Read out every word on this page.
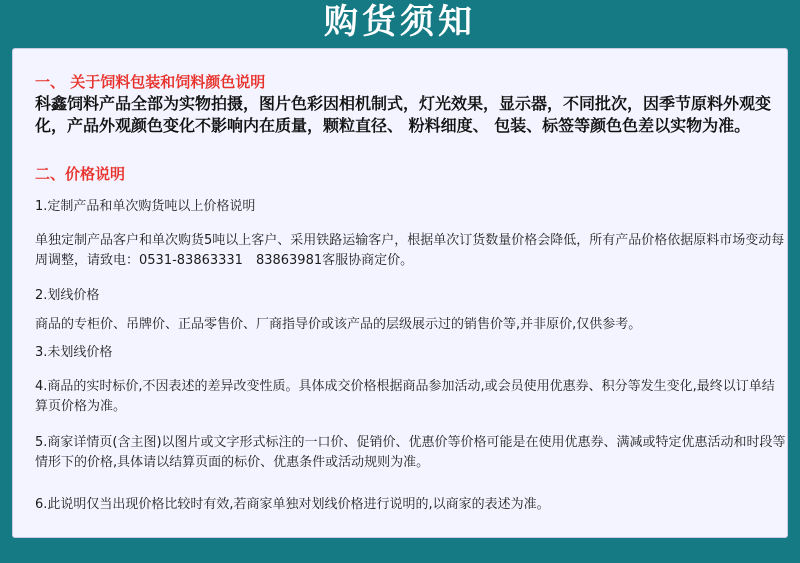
购货须知
一、 关于饲料包装和饲料颜色说明
科鑫饲料产品全部为实物拍摄，图片色彩因相机制式，灯光效果，显示器，不同批次，因季节原料外观变化，产品外观颜色变化不影响内在质量，颗粒直径、 粉料细度、 包装、标签等颜色色差以实物为准。
二、价格说明
1.定制产品和单次购货吨以上价格说明
单独定制产品客户和单次购货5吨以上客户、采用铁路运输客户，根据单次订货数量价格会降低，所有产品价格依据原料市场变动每周调整，请致电：0531-83863331　83863981客服协商定价。
2.划线价格
商品的专柜价、吊牌价、正品零售价、厂商指导价或该产品的层级展示过的销售价等,并非原价,仅供参考。
3.未划线价格
4.商品的实时标价,不因表述的差异改变性质。具体成交价格根据商品参加活动,或会员使用优惠券、积分等发生变化,最终以订单结算页价格为准。
5.商家详情页(含主图)以图片或文字形式标注的一口价、促销价、优惠价等价格可能是在使用优惠券、满减或特定优惠活动和时段等情形下的价格,具体请以结算页面的标价、优惠条件或活动规则为准。
6.此说明仅当出现价格比较时有效,若商家单独对划线价格进行说明的,以商家的表述为准。
